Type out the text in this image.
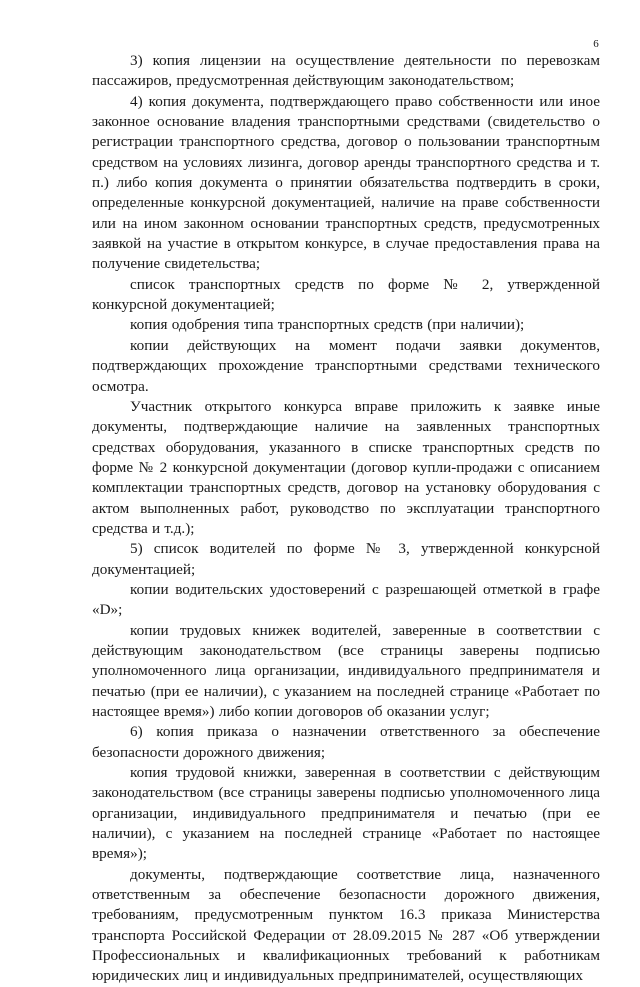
6

3) копия лицензии на осуществление деятельности по перевозкам пассажиров, предусмотренная действующим законодательством;

4) копия документа, подтверждающего право собственности или иное законное основание владения транспортными средствами (свидетельство о регистрации транспортного средства, договор о пользовании транспортным средством на условиях лизинга, договор аренды транспортного средства и т. п.) либо копия документа о принятии обязательства подтвердить в сроки, определенные конкурсной документацией, наличие на праве собственности или на ином законном основании транспортных средств, предусмотренных заявкой на участие в открытом конкурсе, в случае предоставления права на получение свидетельства;

список транспортных средств по форме № 2, утвержденной конкурсной документацией;

копия одобрения типа транспортных средств (при наличии);

копии действующих на момент подачи заявки документов, подтверждающих прохождение транспортными средствами технического осмотра.

Участник открытого конкурса вправе приложить к заявке иные документы, подтверждающие наличие на заявленных транспортных средствах оборудования, указанного в списке транспортных средств по форме № 2 конкурсной документации (договор купли-продажи с описанием комплектации транспортных средств, договор на установку оборудования с актом выполненных работ, руководство по эксплуатации транспортного средства и т.д.);

5) список водителей по форме № 3, утвержденной конкурсной документацией;

копии водительских удостоверений с разрешающей отметкой в графе «D»;

копии трудовых книжек водителей, заверенные в соответствии с действующим законодательством (все страницы заверены подписью уполномоченного лица организации, индивидуального предпринимателя и печатью (при ее наличии), с указанием на последней странице «Работает по настоящее время») либо копии договоров об оказании услуг;

6) копия приказа о назначении ответственного за обеспечение безопасности дорожного движения;

копия трудовой книжки, заверенная в соответствии с действующим законодательством (все страницы заверены подписью уполномоченного лица организации, индивидуального предпринимателя и печатью (при ее наличии), с указанием на последней странице «Работает по настоящее время»);

документы, подтверждающие соответствие лица, назначенного ответственным за обеспечение безопасности дорожного движения, требованиям, предусмотренным пунктом 16.3 приказа Министерства транспорта Российской Федерации от 28.09.2015 № 287 «Об утверждении Профессиональных и квалификационных требований к работникам юридических лиц и индивидуальных предпринимателей, осуществляющих
